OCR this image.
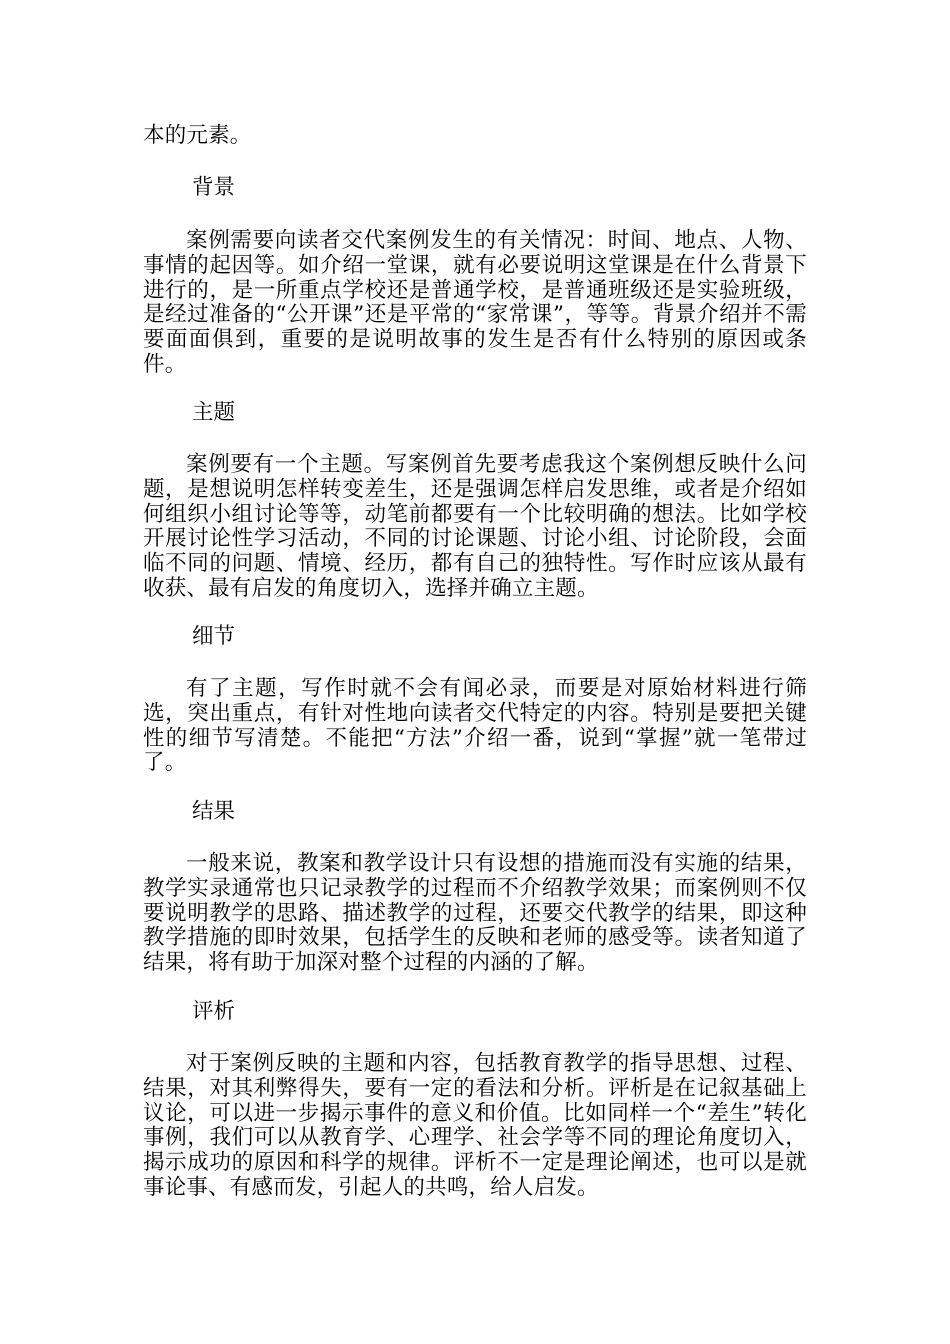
本的元素。

背景

案例需要向读者交代案例发生的有关情况：时间、地点、人物、事情的起因等。如介绍一堂课，就有必要说明这堂课是在什么背景下进行的，是一所重点学校还是普通学校，是普通班级还是实验班级，是经过准备的“公开课”还是平常的“家常课”，等等。背景介绍并不需要面面俱到，重要的是说明故事的发生是否有什么特别的原因或条件。

主题

案例要有一个主题。写案例首先要考虑我这个案例想反映什么问题，是想说明怎样转变差生，还是强调怎样启发思维，或者是介绍如何组织小组讨论等等，动笔前都要有一个比较明确的想法。比如学校开展讨论性学习活动，不同的讨论课题、讨论小组、讨论阶段，会面临不同的问题、情境、经历，都有自己的独特性。写作时应该从最有收获、最有启发的角度切入，选择并确立主题。

细节

有了主题，写作时就不会有闻必录，而要是对原始材料进行筛选，突出重点，有针对性地向读者交代特定的内容。特别是要把关键性的细节写清楚。不能把“方法”介绍一番，说到“掌握”就一笔带过了。

结果

一般来说，教案和教学设计只有设想的措施而没有实施的结果，教学实录通常也只记录教学的过程而不介绍教学效果；而案例则不仅要说明教学的思路、描述教学的过程，还要交代教学的结果，即这种教学措施的即时效果，包括学生的反映和老师的感受等。读者知道了结果，将有助于加深对整个过程的内涵的了解。

评析

对于案例反映的主题和内容，包括教育教学的指导思想、过程、结果，对其利弊得失，要有一定的看法和分析。评析是在记叙基础上议论，可以进一步揭示事件的意义和价值。比如同样一个“差生”转化事例，我们可以从教育学、心理学、社会学等不同的理论角度切入，揭示成功的原因和科学的规律。评析不一定是理论阐述，也可以是就事论事、有感而发，引起人的共鸣，给人启发。
